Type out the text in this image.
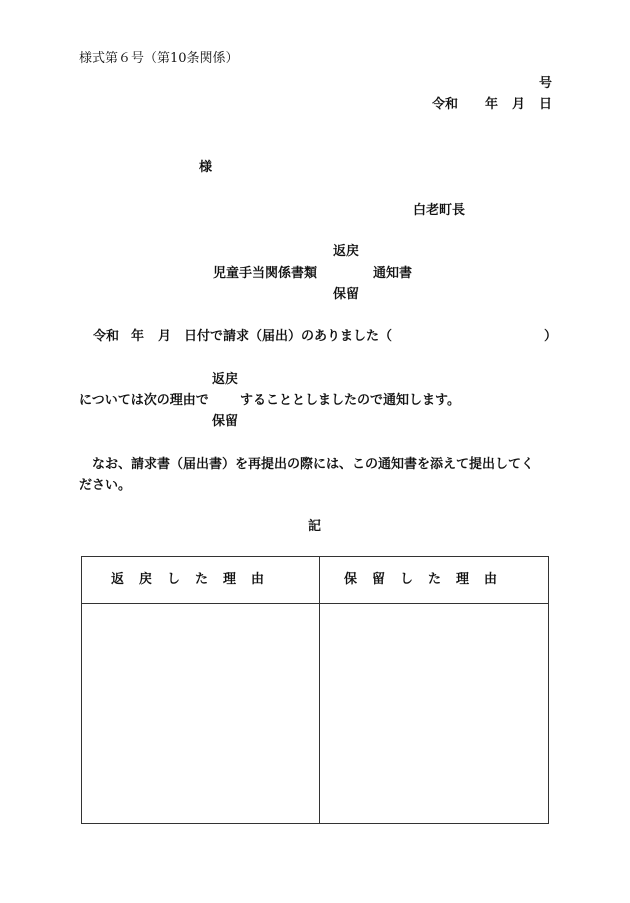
様式第６号（第10条関係）
号
令和 年 月 日
様
白老町長
返戻
児童手当関係書類	通知書
保留
令和 年 月 日付で請求（届出）のありました（	）
返戻
については次の理由で することとしましたので通知します。
保留
なお、請求書（届出書）を再提出の際には、この通知書を添えて提出してく
ださい。
記
返戻した理由	保留した理由
